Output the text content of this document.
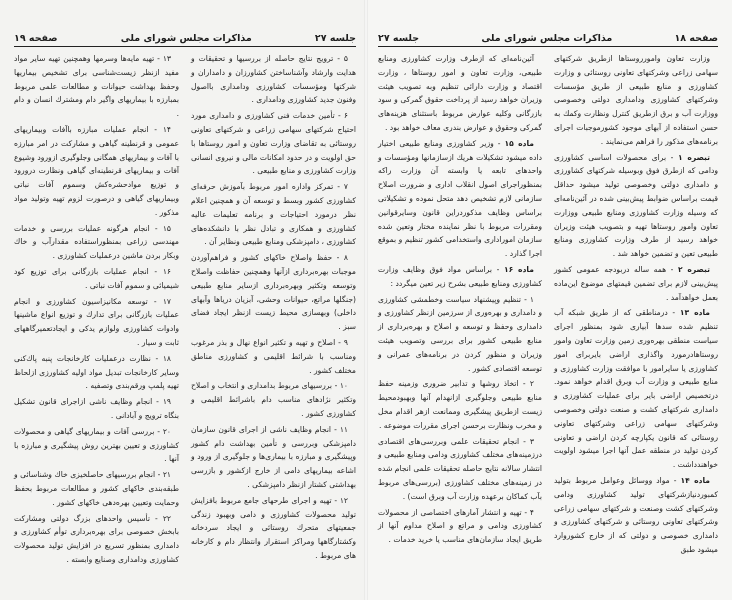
صفحه ۱۸
مذاکرات مجلس شورای ملی
جلسه ۲۷

وزارت تعاون وامورروستاها ازطریق شرکتهای سهامی زراعی وشرکتهای تعاونی روستائی و وزارت کشاورزی و منابع طبیعی از طریق مؤسسات وشرکتهای کشاورزی ودامداری دولتی وخصوصی ووزارت آب و برق ازطریق کنترل ونظارت وکمك به حسن استفاده از آبهای موجود کشورموجبات اجرای برنامه‌های مذکور را فراهم می‌نمایند .

تبصره ۱ - برای محصولات اساسی کشاورزی ودامی که ازطرق فوق وبوسیله شرکتهای کشاورزی و دامداری دولتی وخصوصی تولید میشود حداقل قیمت براساس ضوابط پیش‌بینی شده در آئین‌نامه‌ای که وسیله وزارت کشاورزی ومنابع طبیعی ووزارت تعاون وامور روستاها تهیه و بتصویب هیئت وزیران خواهد رسید از طرف وزارت کشاورزی ومنابع طبیعی تعین و تضمین خواهد شد .

تبصره ۲ - همه ساله دربودجه عمومی کشور پیش‌بینی لازم برای تضمین قیمتهای موضوع این‌ماده بعمل خواهدآمد .

ماده ۱۳ - درمناطقی که از طریق شبکه آب تنظیم شده سدها آبیاری شود بمنظور اجرای سیاست منطقی بهره‌وری زمین وزارت تعاون وامور روستاهادرمورد واگذاری اراضی بایربرای امور کشاورزی یا سایرامور با موافقت وزارت کشاورزی و منابع طبیعی و وزارت آب وبرق اقدام خواهد نمود. درتخصیص اراضی بایر برای عملیات کشاورزی و دامداری شرکتهای کشت و صنعت دولتی وخصوصی وشرکتهای سهامی زراعی وشرکتهای تعاونی روستائی که قانون یکپارچه کردن اراضی و تعاونی کردن تولید در منطقه عمل آنها اجرا میشود اولویت خواهندداشت .

ماده ۱۴ - مواد ووسائل وعوامل مربوط بتولید کمبوردنیازشرکتهای تولید کشاورزی ودامی وشرکتهای کشت وصنعت و شرکتهای سهامی زراعی وشرکتهای تعاونی روستائی و شرکتهای کشاورزی و دامداری خصوصی و دولتی که از خارج کشوروارد میشود طبق

آئین‌نامه‌ای که ازطرف وزارت کشاورزی ومنابع طبیعی، وزارت تعاون و امور روستاها ، وزارت اقتصاد و وزارت دارائی تنظیم وبه تصویب هیئت وزیران خواهد رسید از پرداخت حقوق گمرکی و سود بازرگانی وکلیه عوارض مربوط باستثنای هزینه‌های گمرکی وحقوق و عوارض بندری معاف خواهد بود .

ماده ۱۵ - وزیر کشاورزی ومنابع طبیعی اختیار داده میشود تشکیلات هریك ازسازمانها ومؤسسات و واحدهای تابعه یا وابسته آن وزارت راکه بمنظوراجرای اصول انقلاب اداری و ضرورت اصلاح سازمانی لازم تشخیص دهد متحل نموده و تشکیلاتی براساس وظایف مذکوردراین قانون وسایرقوانین ومقررات مربوط با نظر نماینده مختار وتعین شده سازمان اموراداری واستخدامی کشور تنظیم و بموقع اجرا گذارد .

ماده ۱۶ - براساس مواد فوق وظایف وزارت کشاورزی ومنابع طبیعی بشرح زیر تعین میگردد :

۱ - تنظیم وپیشنهاد سیاست وخطمشی کشاورزی و دامداری و بهره‌وری از سرزمین ازنظر کشاورزی و دامداری وحفظ و توسعه و اصلاح و بهره‌برداری از منابع طبیعی کشور برای بررسی وتصویب هیئت وزیران و منظور کردن در برنامه‌های عمرانی و توسعه اقتصادی کشور .

۲ - اتخاذ روشها و تدابیر ضروری وزمینه حفظ منابع طبیعی وجلوگیری ازانهدام آنها وبهبودمحیط زیست ازطریق پیشگیری وممانعت ازهر اقدام مخل و مخرب ونظارت برحسن اجرای مقررات موضوعه .

۳ - انجام تحقیقات علمی وبررسی‌های اقتصادی درزمینه‌های مختلف کشاورزی ودامی ومنابع طبیعی و انتشار سالانه نتایج حاصله تحقیقات علمی انجام شده در زمینه‌های مختلف کشاورزی (بررسی‌های مربوط بآب کماکان برعهده وزارت آب وبرق است) .

۴ - تهیه و انتشار آمارهای اختصاصی از محصولات کشاورزی ودامی و مراتع و اصلاح مداوم آنها از طریق ایجاد سازمان‌های مناسب یا خرید خدمات .

جلسه ۲۷
مذاکرات مجلس شورای ملی
صفحه ۱۹

۵ - ترویج نتایج حاصله از بررسیها و تحقیقات و هدایت وارشاد وآشناساختن کشاورزان و دامداران و شرکتها ومؤسسات کشاورزی ودامداری بااصول وفنون جدید کشاورزی ودامداری .

۶ - تأمین خدمات فنی کشاورزی و دامداری مورد احتیاج شرکتهای سهامی زراعی و شرکتهای تعاونی روستائی به تقاضای وزارت تعاون و امور روستاها با حق اولویت و در حدود امکانات مالی و نیروی انسانی وزارت کشاورزی و منابع طبیعی .

۷ - تمرکز واداره امور مربوط بآموزش حرفه‌ای کشاورزی کشور وبسط و توسعه آن و همچنین اعلام نظر درمورد احتیاجات و برنامه تعلیمات عالیه کشاورزی و همکاری و تبادل نظر با دانشکده‌های کشاورزی ، دامپزشکی ومنابع طبیعی ونظایر آن .

۸ - حفظ واصلاح خاکهای کشور و فراهم‌آوردن موجبات بهره‌برداری ازآنها وهمچنین حفاظت واصلاح وتوسعه وتکثیر وبهره‌برداری ازسایر منابع طبیعی (جنگلها مراتع، حیوانات وحشی، آبزیان دریاها وآبهای داخلی) وبهسازی محیط زیست ازنظر ایجاد فضای سبز .

۹ - اصلاح و تهیه و تکثیر انواع نهال و بذر مرغوب ومناسب با شرائط اقلیمی و کشاورزی مناطق مختلف کشور .

۱۰ - بررسیهای مربوط بدامداری و انتخاب و اصلاح وتکثیر نژادهای مناسب دام باشرائط اقلیمی و کشاورزی کشور .

۱۱ - انجام وظایف ناشی از اجرای قانون سازمان دامپزشکی وبررسی و تأمین بهداشت دام کشور وپیشگیری و مبارزه با بیماری‌ها و جلوگیری از ورود و اشاعه بیماریهای دامی از خارج ازکشور و بازرسی بهداشتی کشتار ازنظر دامپزشکی .

۱۲ - تهیه و اجرای طرحهای جامع مربوط بافزایش تولید محصولات کشاورزی و دامی وبهبود زندگی جمعیتهای متحرك روستائی و ایجاد سردخانه وکشتارگاهها ومراکز استقرار وانتظار دام و کارخانه های مربوط .

۱۳ - تهیه مایه‌ها وسرمها وهمچنین تهیه سایر مواد مفید ازنظر زیست‌شناسی برای تشخیص بیماریها وحفظ بهداشت حیوانات و مطالعات علمی مربوط بمبارزه با بیماریهای واگیر دام ومشترك انسان و دام .

۱۴ - انجام عملیات مبارزه باآفات وبیماریهای عمومی و قرنطینه گیاهی و مشارکت در امر مبارزه با آفات و بیماریهای همگانی وجلوگیری ازورود وشیوع آفات و بیماریهای قرنطینه‌ای گیاهی ونظارت درورود و توزیع موادحشره‌کش وسموم آفات نباتی وبیماریهای گیاهی و درصورت لزوم تهیه وتولید مواد مذکور .

۱۵ - انجام هرگونه عملیات بررسی و خدمات مهندسی زراعی بمنظوراستفاده مقدارآب و خاك وبکار بردن ماشین درعملیات کشاورزی .

۱۶ - انجام عملیات بازرگانی برای توزیع کود شیمیائی و سموم آفات نباتی .

۱۷ - توسعه مکانیزاسیون کشاورزی و انجام عملیات بازرگانی برای تدارك و توزیع انواع ماشینها وادوات کشاورزی ولوازم یدکی و ایجادتعمیرگاههای ثابت و سیار .

۱۸ - نظارت درعملیات کارخانجات پنبه پاك‌کنی وسایر کارخانجات تبدیل مواد اولیه کشاورزی ازلحاظ تهیه پلمپ ورقم‌بندی وتصفیه .

۱۹ - انجام وظایف ناشی ازاجرای قانون تشکیل بنگاه ترویج و آبادانی .

۲۰ - بررسی آفات و بیماریهای گیاهی و محصولات کشاورزی و تعیین بهترین روش پیشگیری و مبارزه با آنها .

۲۱ - انجام بررسیهای حاصلخیزی خاك وشناسائی و طبقه‌بندی خاکهای کشور و مطالعات مربوط بحفظ وحمایت وتعیین بهره‌دهی خاکهای کشور .

۲۲ - تأسیس واحدهای بزرگ دولتی ومشارکت بابخش خصوصی برای بهره‌برداری توأم کشاورزی و دامداری بمنظور تسریع در افزایش تولید محصولات کشاورزی ودامداری وصنایع وابسته .
